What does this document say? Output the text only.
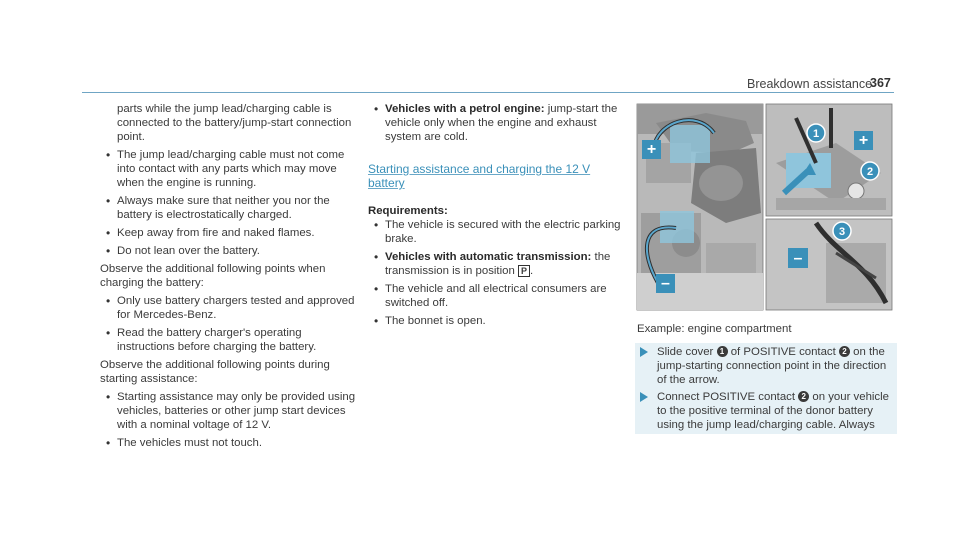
Breakdown assistance
367

parts while the jump lead/charging cable is connected to the battery/jump-start connection point.

• The jump lead/charging cable must not come into contact with any parts which may move when the engine is running.

• Always make sure that neither you nor the battery is electrostatically charged.

• Keep away from fire and naked flames.

• Do not lean over the battery.

Observe the additional following points when charging the battery:

• Only use battery chargers tested and approved for Mercedes-Benz.

• Read the battery charger's operating instructions before charging the battery.

Observe the additional following points during starting assistance:

• Starting assistance may only be provided using vehicles, batteries or other jump start devices with a nominal voltage of 12 V.

• The vehicles must not touch.

• Vehicles with a petrol engine: jump-start the vehicle only when the engine and exhaust system are cold.

Starting assistance and charging the 12 V battery

Requirements:

• The vehicle is secured with the electric parking brake.

• Vehicles with automatic transmission: the transmission is in position P .

• The vehicle and all electrical consumers are switched off.

• The bonnet is open.

+
–
+
1
2
–
3
Example: engine compartment
Slide cover 1 of POSITIVE contact 2 on the jump-starting connection point in the direction of the arrow.
Connect POSITIVE contact 2 on your vehicle to the positive terminal of the donor battery using the jump lead/charging cable. Always
